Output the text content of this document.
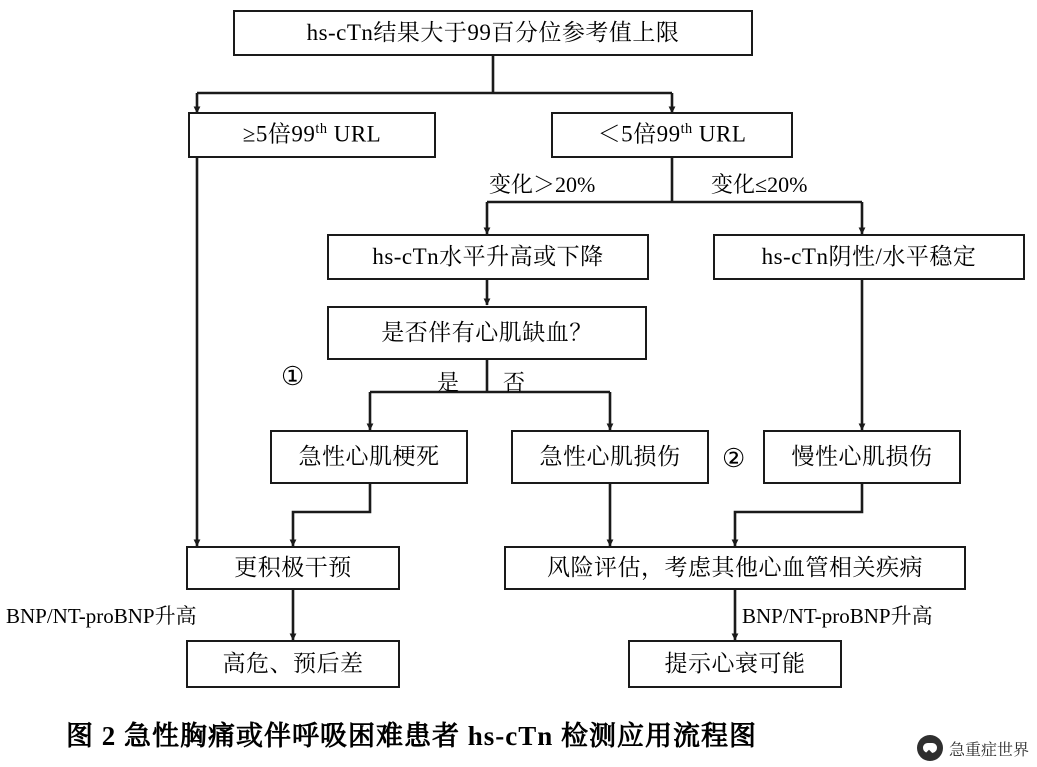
hs-cTn结果大于99百分位参考值上限
≥5倍99th URL	＜5倍99th URL
hs-cTn水平升高或下降	hs-cTn阴性/水平稳定
是否伴有心肌缺血？
急性心肌梗死	急性心肌损伤	慢性心肌损伤
更积极干预	风险评估，考虑其他心血管相关疾病
高危、预后差	提示心衰可能
变化＞20%	变化≤20%
是 否
①
②
BNP/NT-proBNP升高	BNP/NT-proBNP升高
图 2 急性胸痛或伴呼吸困难患者 hs-cTn 检测应用流程图	急重症世界
